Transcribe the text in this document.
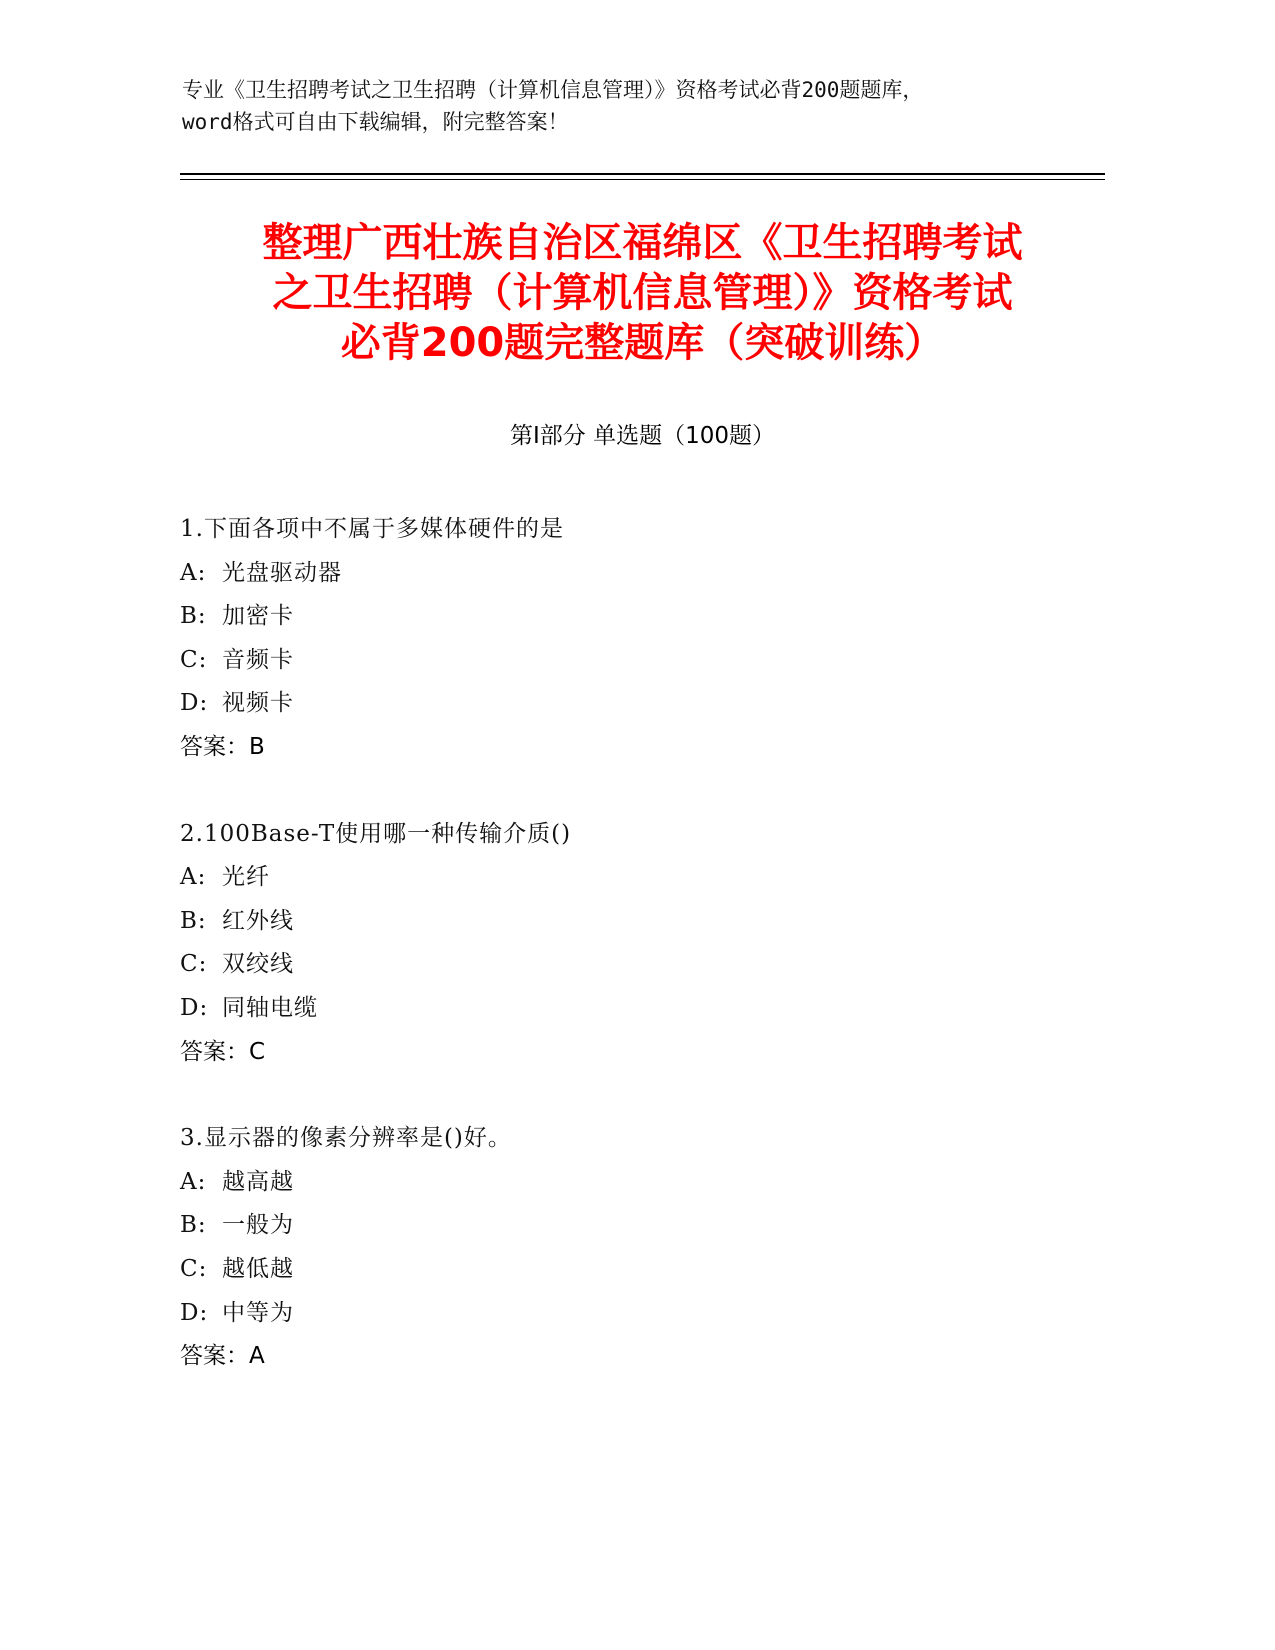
专业《卫生招聘考试之卫生招聘（计算机信息管理）》资格考试必背200题题库，
word格式可自由下载编辑，附完整答案！
整理广西壮族自治区福绵区《卫生招聘考试
之卫生招聘（计算机信息管理）》资格考试
必背200题完整题库（突破训练）
第Ⅰ部分 单选题（100题）
1.下面各项中不属于多媒体硬件的是
A: 光盘驱动器
B: 加密卡
C: 音频卡
D: 视频卡
答案：B
2.100Base-T使用哪一种传输介质()
A: 光纤
B: 红外线
C: 双绞线
D: 同轴电缆
答案：C
3.显示器的像素分辨率是()好。
A: 越高越
B: 一般为
C: 越低越
D: 中等为
答案：A
